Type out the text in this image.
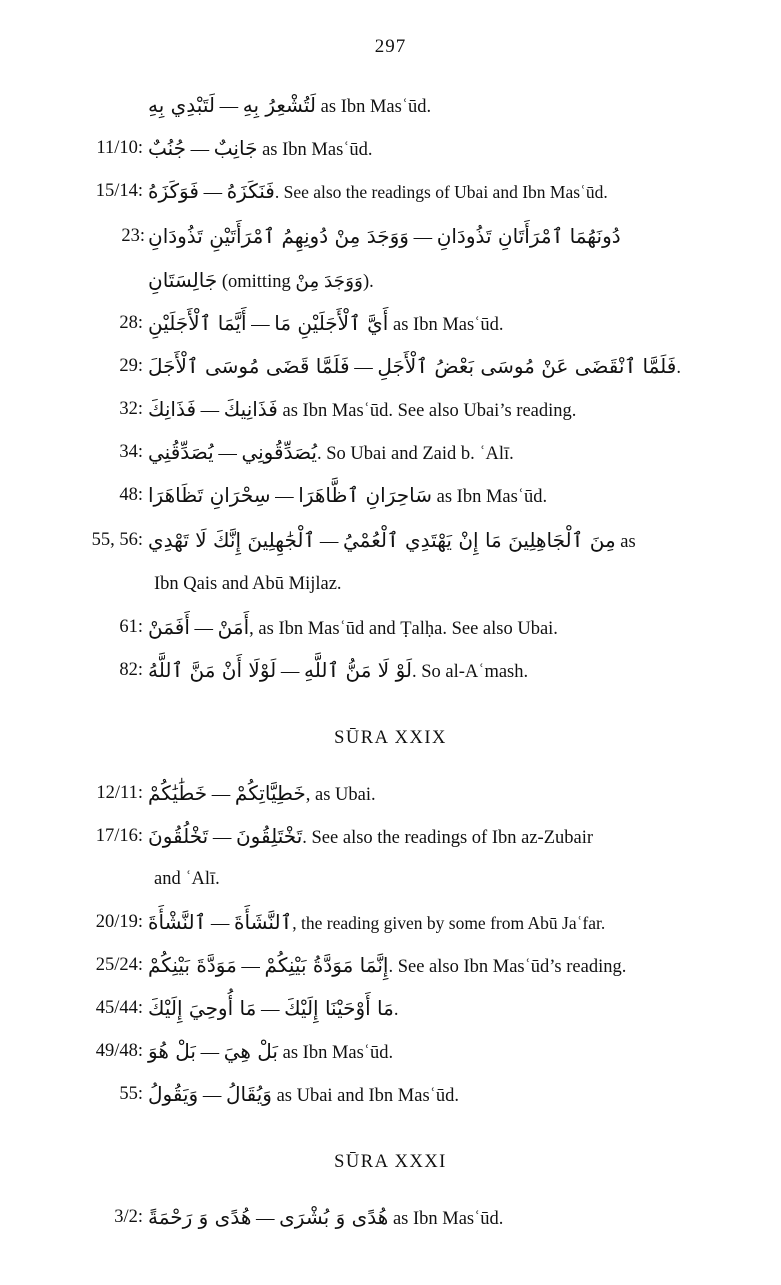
297
لَتَبْدِي بِهِ — لَتُشْعِرُ بِهِ as Ibn Masʿūd.
11/10: جُنُبٌ — جَانِبٌ as Ibn Masʿūd.
15/14: فَوَكَزَهُ — فَنَكَزَهُ. See also the readings of Ubai and Ibn Masʿūd.
23: وَوَجَدَ مِنْ دُونِهِمُ ٱمْرَأَتَيْنِ تَذُودَانِ — دُونَهُمَا ٱمْرَأَتَانِ تَذُودَانِ
جَالِسَتَانِ (omitting وَوَجَدَ مِنْ).
28: أَيَّمَا ٱلْأَجَلَيْنِ — أَيَّ ٱلْأَجَلَيْنِ مَا as Ibn Masʿūd.
29: فَلَمَّا قَضَى مُوسَى ٱلْأَجَلَ — فَلَمَّا ٱنْقَضَى عَنْ مُوسَى بَعْضُ ٱلْأَجَلِ.
32: فَذَانِكَ — فَذَانِيكَ as Ibn Masʿūd. See also Ubai’s reading.
34: يُصَدِّقُنِي — يُصَدِّقُونِي. So Ubai and Zaid b. ʿAlī.
48: سِحْرَانِ تَظَاهَرَا — سَاحِرَانِ ٱظَّاهَرَا as Ibn Masʿūd.
55, 56: ٱلْجَٰهِلِينَ إِنَّكَ لَا تَهْدِي — مِنَ ٱلْجَاهِلِينَ مَا إِنْ يَهْتَدِي ٱلْعُمْيُ as
Ibn Qais and Abū Mijlaz.
61: أَفَمَنْ — أَمَنْ, as Ibn Masʿūd and Ṭalḥa. See also Ubai.
82: لَوْلَا أَنْ مَنَّ ٱللَّهُ — لَوْ لَا مَنُّ ٱللَّهِ. So al-Aʿmash.
SŪRA XXIX
12/11: خَطَٰيَٰكُمْ — خَطِيَّاتِكُمْ, as Ubai.
17/16: تَخْلُقُونَ — تَخْتَلِقُونَ. See also the readings of Ibn az-Zubair
and ʿAlī.
20/19: ٱلنَّشْأَةَ — ٱلنَّشَأَةَ, the reading given by some from Abū Jaʿfar.
25/24: مَوَدَّةَ بَيْنِكُمْ — إِنَّمَا مَوَدَّةُ بَيْنِكُمْ. See also Ibn Masʿūd’s reading.
45/44: مَا أُوحِيَ إِلَيْكَ — مَا أَوْحَيْنَا إِلَيْكَ.
49/48: بَلْ هُوَ — بَلْ هِيَ as Ibn Masʿūd.
55: وَيَقُولُ — وَيُقَالُ as Ubai and Ibn Masʿūd.
SŪRA XXXI
3/2: هُدًى وَ رَحْمَةً — هُدًى وَ بُشْرَى as Ibn Masʿūd.
